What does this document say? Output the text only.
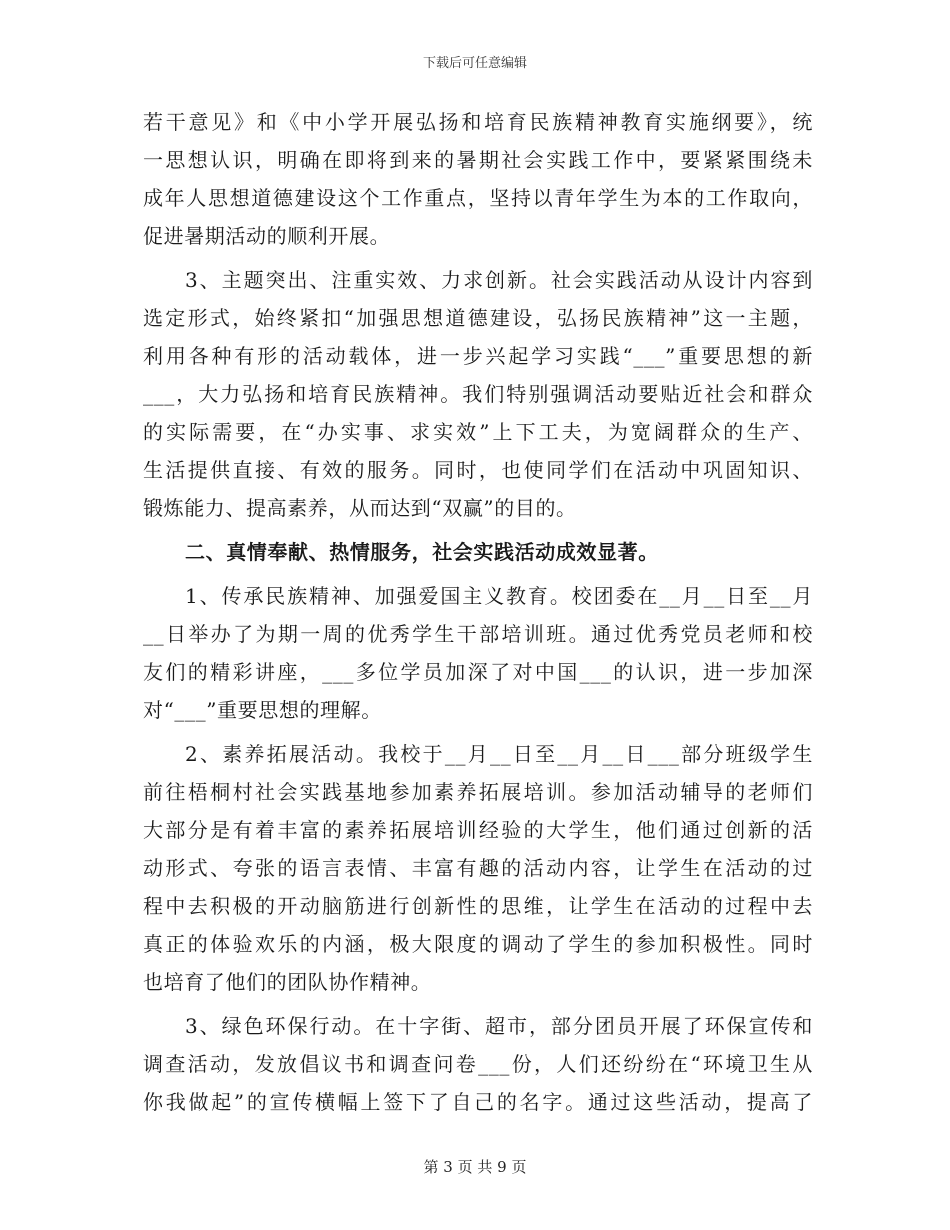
下载后可任意编辑
若干意见》和《中小学开展弘扬和培育民族精神教育实施纲要》，统
一思想认识，明确在即将到来的暑期社会实践工作中，要紧紧围绕未
成年人思想道德建设这个工作重点，坚持以青年学生为本的工作取向，
促进暑期活动的顺利开展。
3、主题突出、注重实效、力求创新。社会实践活动从设计内容到
选定形式，始终紧扣“加强思想道德建设，弘扬民族精神”这一主题，
利用各种有形的活动载体，进一步兴起学习实践“___”重要思想的新
___，大力弘扬和培育民族精神。我们特别强调活动要贴近社会和群众
的实际需要，在“办实事、求实效”上下工夫，为宽阔群众的生产、
生活提供直接、有效的服务。同时，也使同学们在活动中巩固知识、
锻炼能力、提高素养，从而达到“双赢”的目的。
二、真情奉献、热情服务，社会实践活动成效显著。
1、传承民族精神、加强爱国主义教育。校团委在__月__日至__月
__日举办了为期一周的优秀学生干部培训班。通过优秀党员老师和校
友们的精彩讲座，___多位学员加深了对中国___的认识，进一步加深
对“___”重要思想的理解。
2、素养拓展活动。我校于__月__日至__月__日___部分班级学生
前往梧桐村社会实践基地参加素养拓展培训。参加活动辅导的老师们
大部分是有着丰富的素养拓展培训经验的大学生，他们通过创新的活
动形式、夸张的语言表情、丰富有趣的活动内容，让学生在活动的过
程中去积极的开动脑筋进行创新性的思维，让学生在活动的过程中去
真正的体验欢乐的内涵，极大限度的调动了学生的参加积极性。同时
也培育了他们的团队协作精神。
3、绿色环保行动。在十字街、超市，部分团员开展了环保宣传和
调查活动，发放倡议书和调查问卷___份，人们还纷纷在“环境卫生从
你我做起”的宣传横幅上签下了自己的名字。通过这些活动，提高了
第 3 页 共 9 页
